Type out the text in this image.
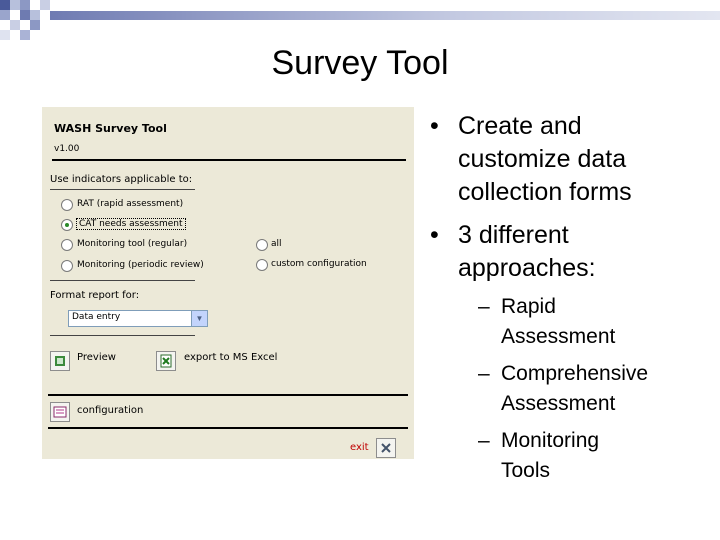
Survey Tool
WASH Survey Tool
v1.00
Use indicators applicable to:
RAT (rapid assessment)
CAT needs assessment
Monitoring tool (regular)	all
Monitoring (periodic review)	custom configuration
Format report for:
Data entry	▼
Preview	export to MS Excel
configuration
exit
• Create and
customize data
collection forms
• 3 different
approaches:
– Rapid
Assessment
– Comprehensive
Assessment
– Monitoring
Tools
